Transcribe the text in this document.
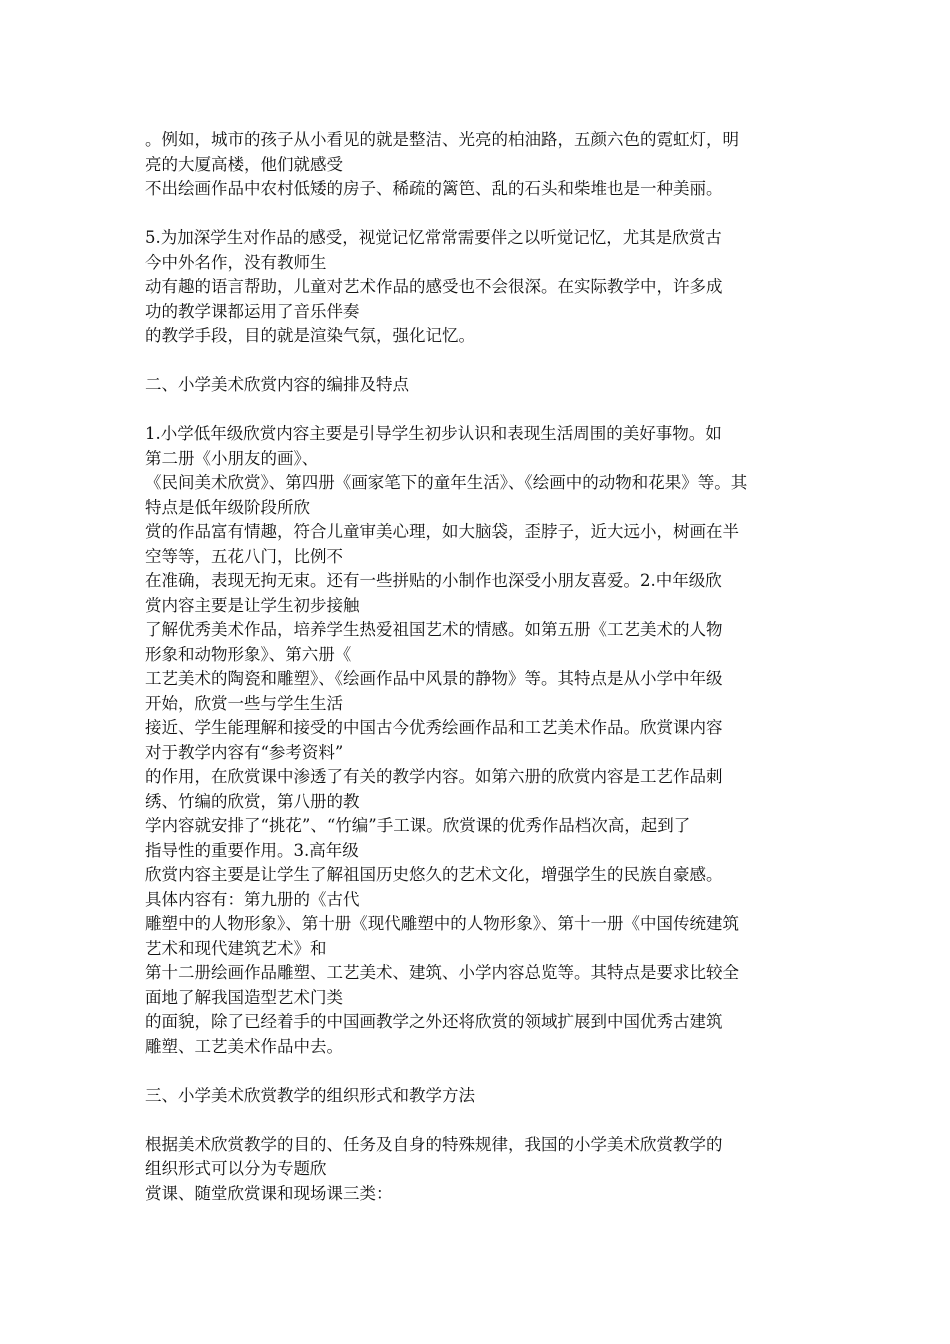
。例如，城市的孩子从小看见的就是整洁、光亮的柏油路，五颜六色的霓虹灯，明
亮的大厦高楼，他们就感受
不出绘画作品中农村低矮的房子、稀疏的篱笆、乱的石头和柴堆也是一种美丽。
5.为加深学生对作品的感受，视觉记忆常常需要伴之以听觉记忆，尤其是欣赏古
今中外名作，没有教师生
动有趣的语言帮助，儿童对艺术作品的感受也不会很深。在实际教学中，许多成
功的教学课都运用了音乐伴奏
的教学手段，目的就是渲染气氛，强化记忆。
二、小学美术欣赏内容的编排及特点
1.小学低年级欣赏内容主要是引导学生初步认识和表现生活周围的美好事物。如
第二册《小朋友的画》、
《民间美术欣赏》、第四册《画家笔下的童年生活》、《绘画中的动物和花果》等。其
特点是低年级阶段所欣
赏的作品富有情趣，符合儿童审美心理，如大脑袋，歪脖子，近大远小，树画在半
空等等，五花八门，比例不
在准确，表现无拘无束。还有一些拼贴的小制作也深受小朋友喜爱。2.中年级欣
赏内容主要是让学生初步接触
了解优秀美术作品，培养学生热爱祖国艺术的情感。如第五册《工艺美术的人物
形象和动物形象》、第六册《
工艺美术的陶瓷和雕塑》、《绘画作品中风景的静物》等。其特点是从小学中年级
开始，欣赏一些与学生生活
接近、学生能理解和接受的中国古今优秀绘画作品和工艺美术作品。欣赏课内容
对于教学内容有“参考资料”
的作用，在欣赏课中渗透了有关的教学内容。如第六册的欣赏内容是工艺作品刺
绣、竹编的欣赏，第八册的教
学内容就安排了“挑花”、“竹编”手工课。欣赏课的优秀作品档次高，起到了
指导性的重要作用。3.高年级
欣赏内容主要是让学生了解祖国历史悠久的艺术文化，增强学生的民族自豪感。
具体内容有：第九册的《古代
雕塑中的人物形象》、第十册《现代雕塑中的人物形象》、第十一册《中国传统建筑
艺术和现代建筑艺术》和
第十二册绘画作品雕塑、工艺美术、建筑、小学内容总览等。其特点是要求比较全
面地了解我国造型艺术门类
的面貌，除了已经着手的中国画教学之外还将欣赏的领域扩展到中国优秀古建筑
雕塑、工艺美术作品中去。
三、小学美术欣赏教学的组织形式和教学方法
根据美术欣赏教学的目的、任务及自身的特殊规律，我国的小学美术欣赏教学的
组织形式可以分为专题欣
赏课、随堂欣赏课和现场课三类：
